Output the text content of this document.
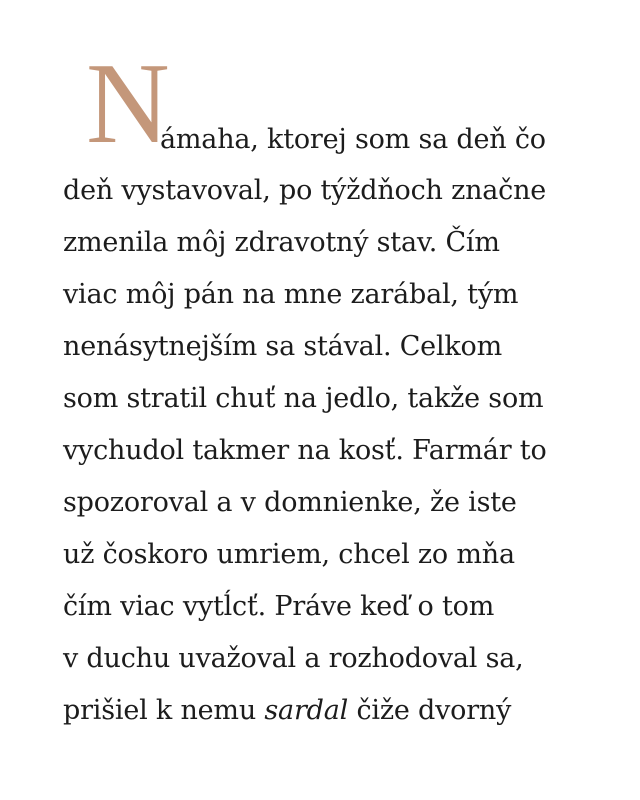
N
ámaha, ktorej som sa deň čo
deň vystavoval, po týždňoch značne
zmenila môj zdravotný stav. Čím
viac môj pán na mne zarábal, tým
nenásytnejším sa stával. Celkom
som stratil chuť na jedlo, takže som
vychudol takmer na kosť. Farmár to
spozoroval a v domnienke, že iste
už čoskoro umriem, chcel zo mňa
čím viac vytĺcť. Práve keď o tom
v duchu uvažoval a rozhodoval sa,
prišiel k nemu sardal čiže dvorný
